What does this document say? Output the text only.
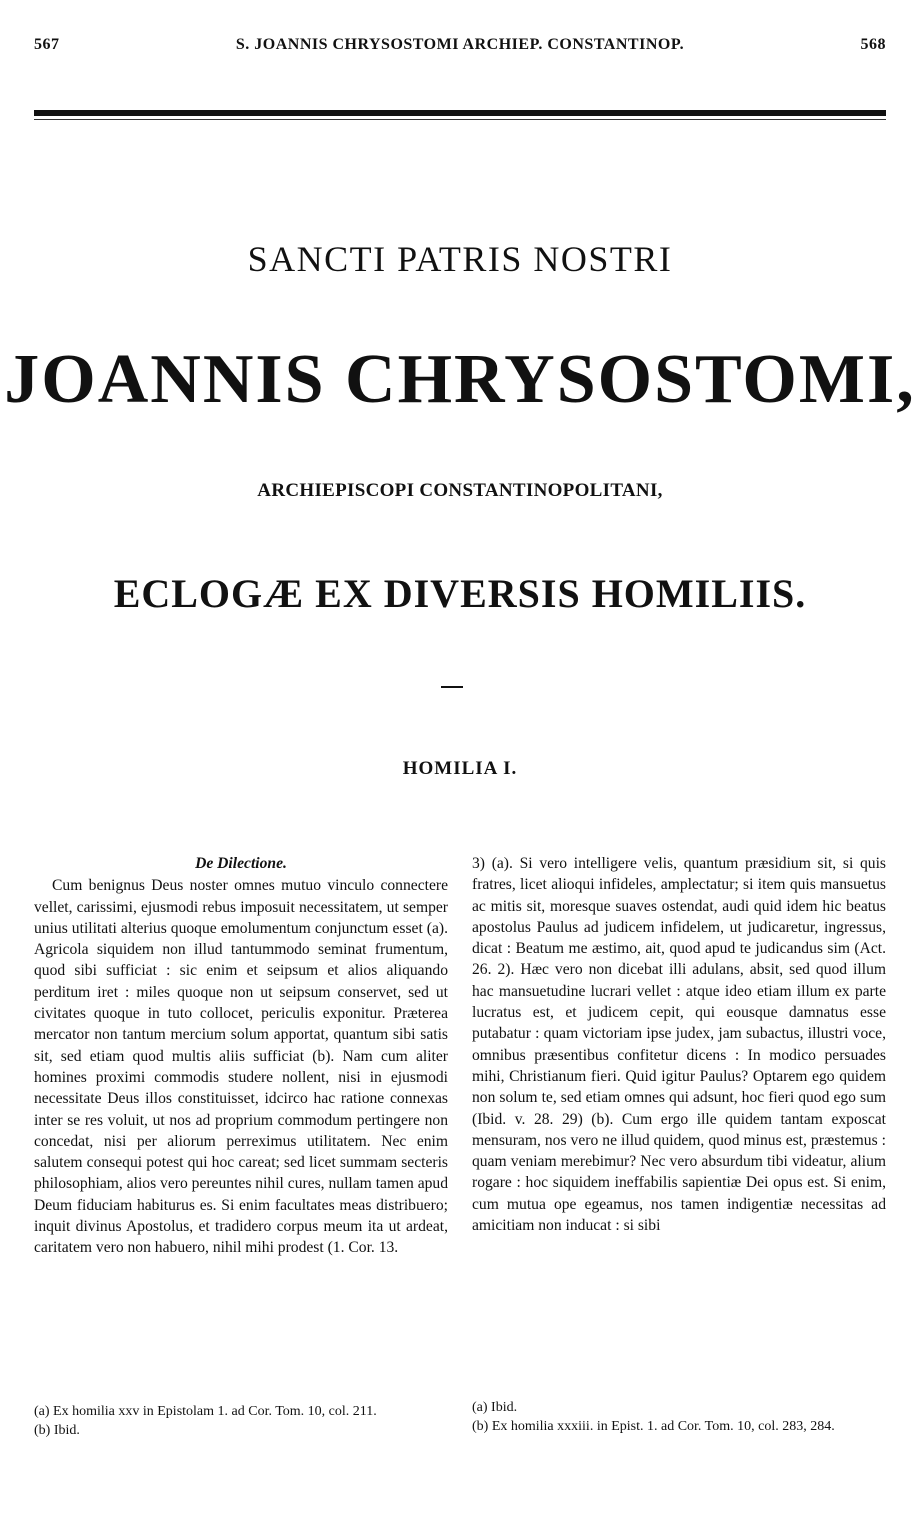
567	S. JOANNIS CHRYSOSTOMI ARCHIEP. CONSTANTINOP.	568
SANCTI PATRIS NOSTRI
JOANNIS CHRYSOSTOMI,
ARCHIEPISCOPI CONSTANTINOPOLITANI,
ECLOGÆ EX DIVERSIS HOMILIIS.
HOMILIA I.
De Dilectione.

Cum benignus Deus noster omnes mutuo vinculo connectere vellet, carissimi, ejusmodi rebus imposuit necessitatem, ut semper unius utilitati alterius quoque emolumentum conjunctum esset (a). Agricola siquidem non illud tantummodo seminat frumentum, quod sibi sufficiat : sic enim et seipsum et alios aliquando perditum iret : miles quoque non ut seipsum conservet, sed ut civitates quoque in tuto collocet, periculis exponitur. Præterea mercator non tantum mercium solum apportat, quantum sibi satis sit, sed etiam quod multis aliis sufficiat (b). Nam cum aliter homines proximi commodis studere nollent, nisi in ejusmodi necessitate Deus illos constituisset, idcirco hac ratione connexas inter se res voluit, ut nos ad proprium commodum pertingere non concedat, nisi per aliorum perreximus utilitatem. Nec enim salutem consequi potest qui hoc careat; sed licet summam secteris philosophiam, alios vero pereuntes nihil cures, nullam tamen apud Deum fiduciam habiturus es. Si enim facultates meas distribuero; inquit divinus Apostolus, et tradidero corpus meum ita ut ardeat, caritatem vero non habuero, nihil mihi prodest (1. Cor. 13.

3) (a). Si vero intelligere velis, quantum præsidium sit, si quis fratres, licet alioqui infideles, amplectatur; si item quis mansuetus ac mitis sit, moresque suaves ostendat, audi quid idem hic beatus apostolus Paulus ad judicem infidelem, ut judicaretur, ingressus, dicat : Beatum me æstimo, ait, quod apud te judicandus sim (Act. 26. 2). Hæc vero non dicebat illi adulans, absit, sed quod illum hac mansuetudine lucrari vellet : atque ideo etiam illum ex parte lucratus est, et judicem cepit, qui eousque damnatus esse putabatur : quam victoriam ipse judex, jam subactus, illustri voce, omnibus præsentibus confitetur dicens : In modico persuades mihi, Christianum fieri. Quid igitur Paulus? Optarem ego quidem non solum te, sed etiam omnes qui adsunt, hoc fieri quod ego sum (Ibid. v. 28. 29) (b). Cum ergo ille quidem tantam exposcat mensuram, nos vero ne illud quidem, quod minus est, præstemus : quam veniam merebimur? Nec vero absurdum tibi videatur, alium rogare : hoc siquidem ineffabilis sapientiæ Dei opus est. Si enim, cum mutua ope egeamus, nos tamen indigentiæ necessitas ad amicitiam non inducat : si sibi

(a) Ex homilia xxv in Epistolam 1. ad Cor. Tom. 10, col. 211.
(b) Ibid.
(a) Ibid.
(b) Ex homilia xxxiii. in Epist. 1. ad Cor. Tom. 10, col. 283, 284.
